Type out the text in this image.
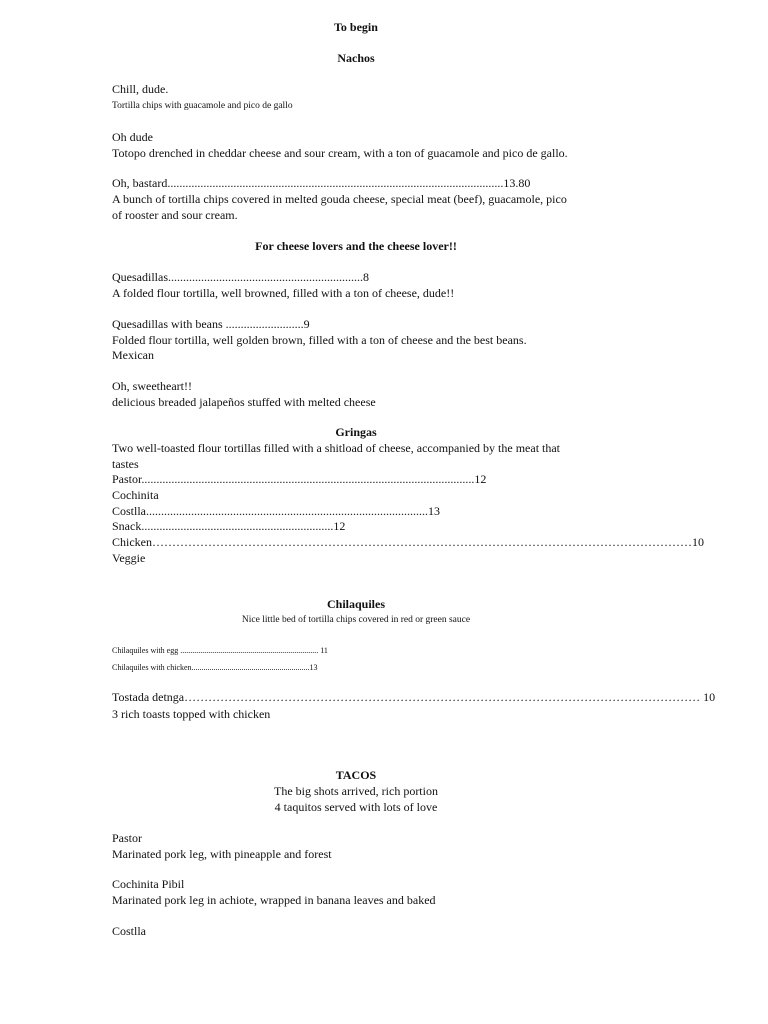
To begin
Nachos
Chill, dude.
Tortilla chips with guacamole and pico de gallo
Oh dude
Totopo drenched in cheddar cheese and sour cream, with a ton of guacamole and pico de gallo.
Oh, bastard................................................................................................................13.80
A bunch of tortilla chips covered in melted gouda cheese, special meat (beef), guacamole, pico
of rooster and sour cream.
For cheese lovers and the cheese lover!!
Quesadillas.................................................................8
A folded flour tortilla, well browned, filled with a ton of cheese, dude!!
Quesadillas with beans ..........................9
Folded flour tortilla, well golden brown, filled with a ton of cheese and the best beans.
Mexican
Oh, sweetheart!!
delicious breaded jalapeños stuffed with melted cheese
Gringas
Two well-toasted flour tortillas filled with a shitload of cheese, accompanied by the meat that
tastes
Pastor...............................................................................................................12
Cochinita
Costlla..............................................................................................13
Snack................................................................12
Chicken………………………………………………………………………………………………………………………10
Veggie
Chilaquiles
Nice little bed of tortilla chips covered in red or green sauce
Chilaquiles with egg ..................................................................... 11
Chilaquiles with chicken...........................................................13
Tostada detnga………………………………………………………………………………………………………………… 10
3 rich toasts topped with chicken
TACOS
The big shots arrived, rich portion
4 taquitos served with lots of love
Pastor
Marinated pork leg, with pineapple and forest
Cochinita Pibil
Marinated pork leg in achiote, wrapped in banana leaves and baked
Costlla
